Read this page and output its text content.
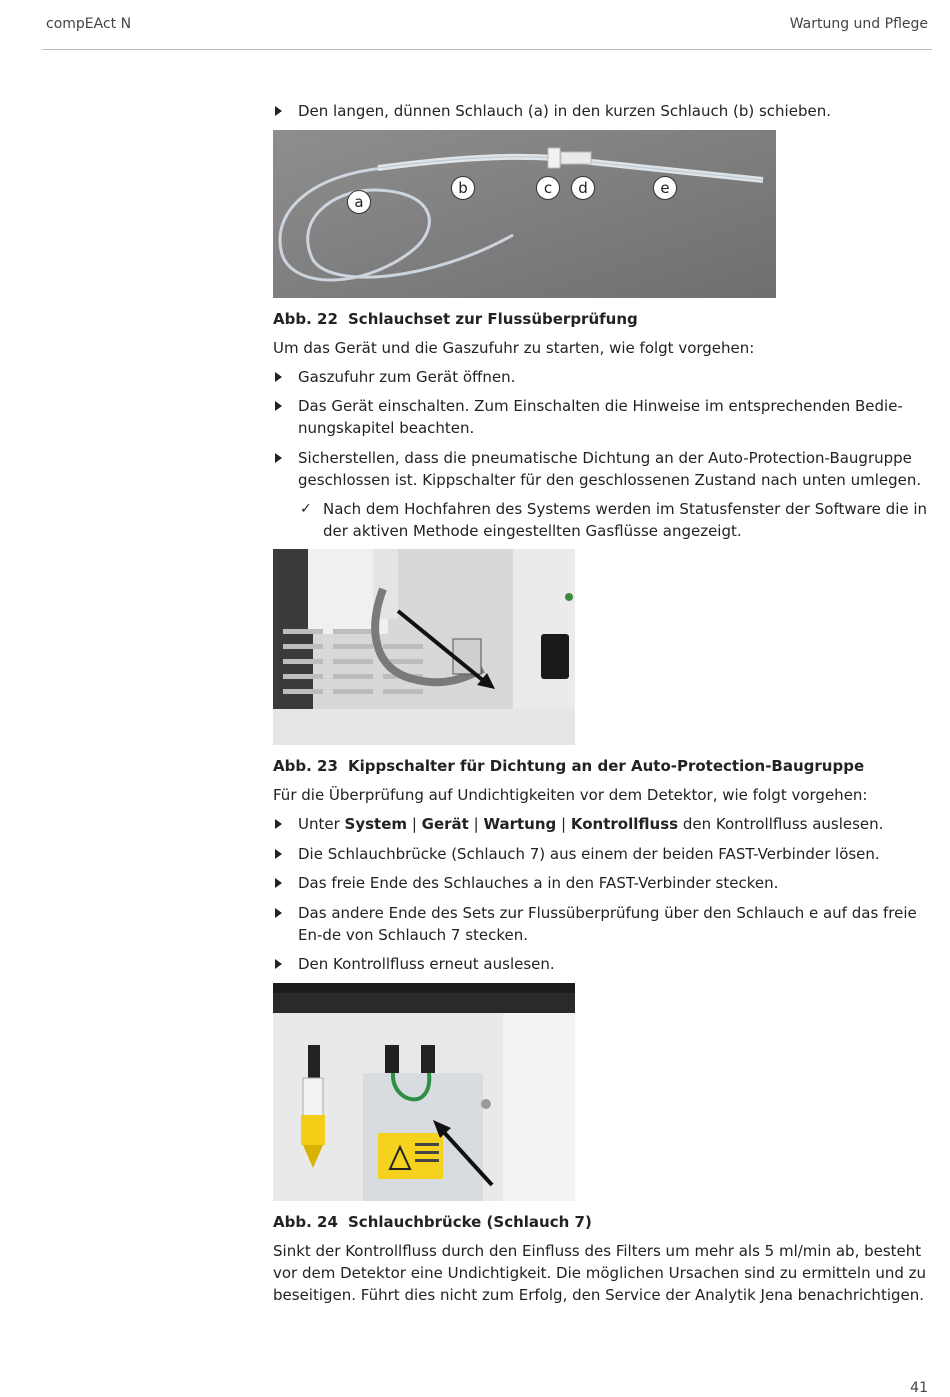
compEAct N	Wartung und Pflege
Den langen, dünnen Schlauch (a) in den kurzen Schlauch (b) schieben.
a
b	c	d	e
Abb. 22 Schlauchset zur Flussüberprüfung

Um das Gerät und die Gaszufuhr zu starten, wie folgt vorgehen:

Gaszufuhr zum Gerät öffnen.
Das Gerät einschalten. Zum Einschalten die Hinweise im entsprechenden Bedie-nungskapitel beachten.
Sicherstellen, dass die pneumatische Dichtung an der Auto-Protection-Baugruppe geschlossen ist. Kippschalter für den geschlossenen Zustand nach unten umlegen.
✓ Nach dem Hochfahren des Systems werden im Statusfenster der Software die in der aktiven Methode eingestellten Gasflüsse angezeigt.
Abb. 23 Kippschalter für Dichtung an der Auto-Protection-Baugruppe

Für die Überprüfung auf Undichtigkeiten vor dem Detektor, wie folgt vorgehen:

Unter System | Gerät | Wartung | Kontrollfluss den Kontrollfluss auslesen.
Die Schlauchbrücke (Schlauch 7) aus einem der beiden FAST-Verbinder lösen.
Das freie Ende des Schlauches a in den FAST-Verbinder stecken.
Das andere Ende des Sets zur Flussüberprüfung über den Schlauch e auf das freie En-de von Schlauch 7 stecken.
Den Kontrollfluss erneut auslesen.
Abb. 24 Schlauchbrücke (Schlauch 7)

Sinkt der Kontrollfluss durch den Einfluss des Filters um mehr als 5 ml/min ab, besteht vor dem Detektor eine Undichtigkeit. Die möglichen Ursachen sind zu ermitteln und zu beseitigen. Führt dies nicht zum Erfolg, den Service der Analytik Jena benachrichtigen.

41
